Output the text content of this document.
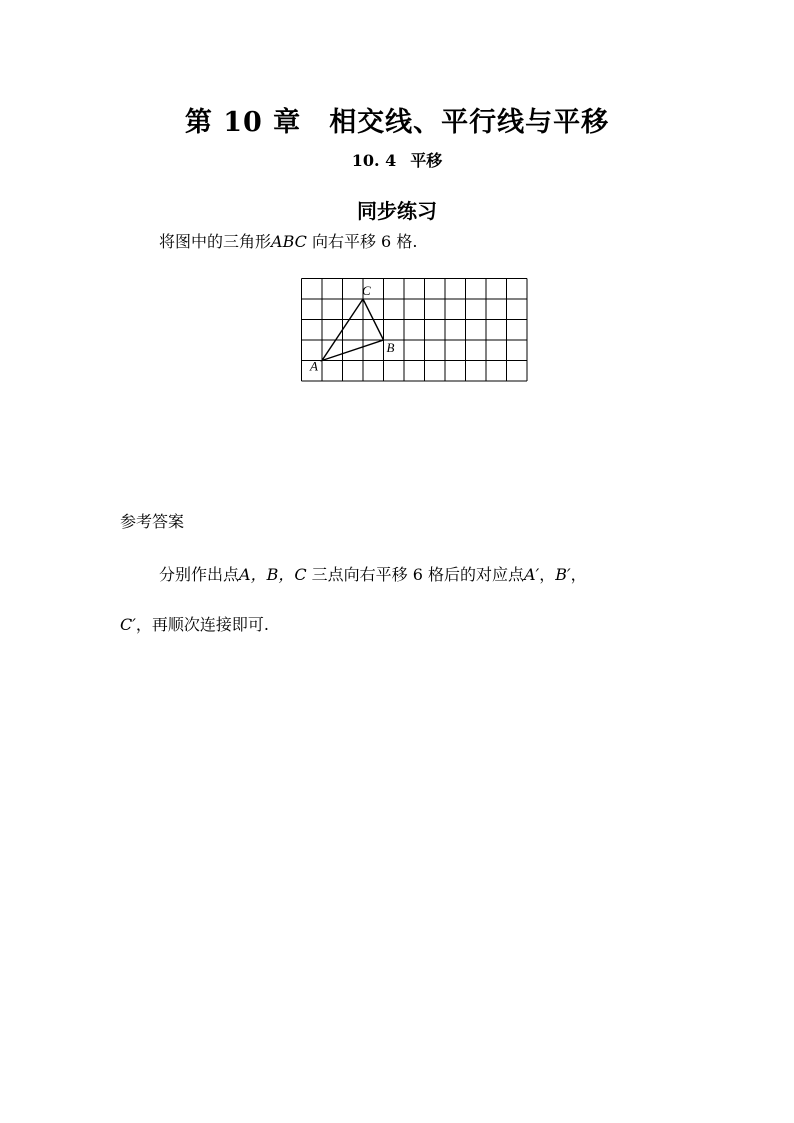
第 10 章 相交线、平行线与平移
10. 4 平移
同步练习
将图中的三角形ABC 向右平移 6 格.
A
B
C
参考答案
分别作出点A，B，C 三点向右平移 6 格后的对应点A′，B′，
C′，再顺次连接即可.
